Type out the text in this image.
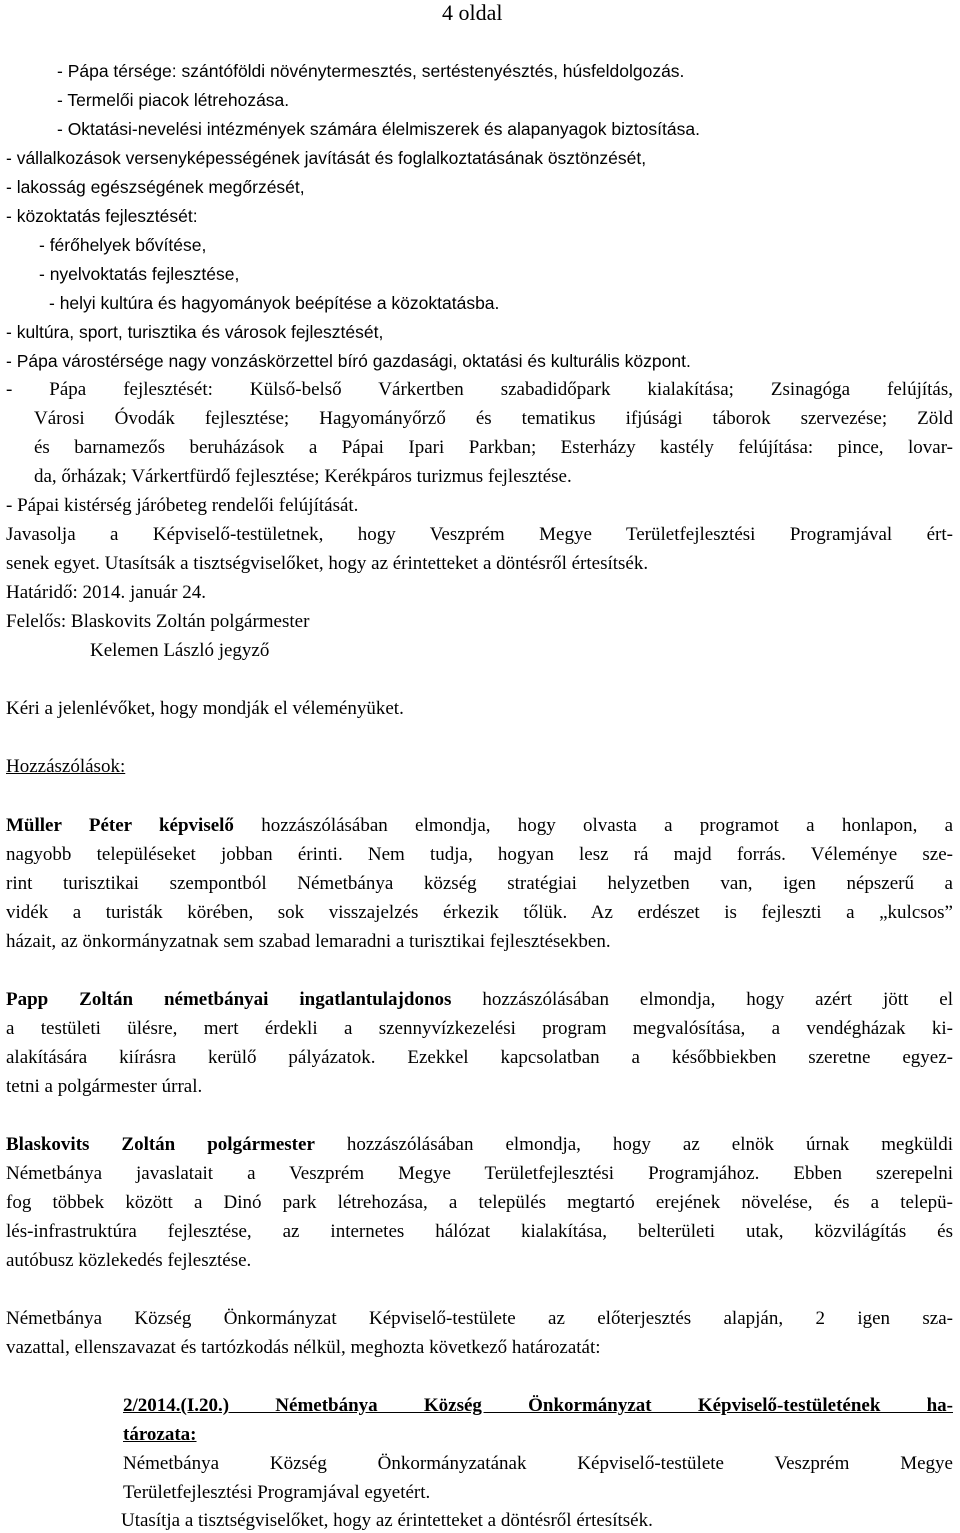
4 oldal
- Pápa térsége: szántóföldi növénytermesztés, sertéstenyésztés, húsfeldolgozás.
- Termelői piacok létrehozása.
- Oktatási-nevelési intézmények számára élelmiszerek és alapanyagok biztosítása.
- vállalkozások versenyképességének javítását és foglalkoztatásának ösztönzését,
- lakosság egészségének megőrzését,
- közoktatás fejlesztését:
- férőhelyek bővítése,
- nyelvoktatás fejlesztése,
- helyi kultúra és hagyományok beépítése a közoktatásba.
- kultúra, sport, turisztika és városok fejlesztését,
- Pápa várostérsége nagy vonzáskörzettel bíró gazdasági, oktatási és kulturális központ.
- Pápa fejlesztését: Külső-belső Várkertben szabadidőpark kialakítása; Zsinagóga felújítás,
Városi Óvodák fejlesztése; Hagyományőrző és tematikus ifjúsági táborok szervezése; Zöld
és barnamezős beruházások a Pápai Ipari Parkban; Esterházy kastély felújítása: pince, lovar-
da, őrházak; Várkertfürdő fejlesztése; Kerékpáros turizmus fejlesztése.
- Pápai kistérség járóbeteg rendelői felújítását.
Javasolja a Képviselő-testületnek, hogy Veszprém Megye Területfejlesztési Programjával ért-
senek egyet. Utasítsák a tisztségviselőket, hogy az érintetteket a döntésről értesítsék.
Határidő: 2014. január 24.
Felelős: Blaskovits Zoltán polgármester
Kelemen László jegyző
Kéri a jelenlévőket, hogy mondják el véleményüket.
Hozzászólások:
Müller Péter képviselő hozzászólásában elmondja, hogy olvasta a programot a honlapon, a
nagyobb településeket jobban érinti. Nem tudja, hogyan lesz rá majd forrás. Véleménye sze-
rint turisztikai szempontból Németbánya község stratégiai helyzetben van, igen népszerű a
vidék a turisták körében, sok visszajelzés érkezik tőlük. Az erdészet is fejleszti a „kulcsos”
házait, az önkormányzatnak sem szabad lemaradni a turisztikai fejlesztésekben.
Papp Zoltán németbányai ingatlantulajdonos hozzászólásában elmondja, hogy azért jött el
a testületi ülésre, mert érdekli a szennyvízkezelési program megvalósítása, a vendégházak ki-
alakítására kiírásra kerülő pályázatok. Ezekkel kapcsolatban a későbbiekben szeretne egyez-
tetni a polgármester úrral.
Blaskovits Zoltán polgármester hozzászólásában elmondja, hogy az elnök úrnak megküldi
Németbánya javaslatait a Veszprém Megye Területfejlesztési Programjához. Ebben szerepelni
fog többek között a Dinó park létrehozása, a település megtartó erejének növelése, és a telepü-
lés-infrastruktúra fejlesztése, az internetes hálózat kialakítása, belterületi utak, közvilágítás és
autóbusz közlekedés fejlesztése.
Németbánya Község Önkormányzat Képviselő-testülete az előterjesztés alapján, 2 igen sza-
vazattal, ellenszavazat és tartózkodás nélkül, meghozta következő határozatát:
2/2014.(I.20.) Németbánya Község Önkormányzat Képviselő-testületének ha-
tározata:
Németbánya Község Önkormányzatának Képviselő-testülete Veszprém Megye
Területfejlesztési Programjával egyetért.
Utasítja a tisztségviselőket, hogy az érintetteket a döntésről értesítsék.
